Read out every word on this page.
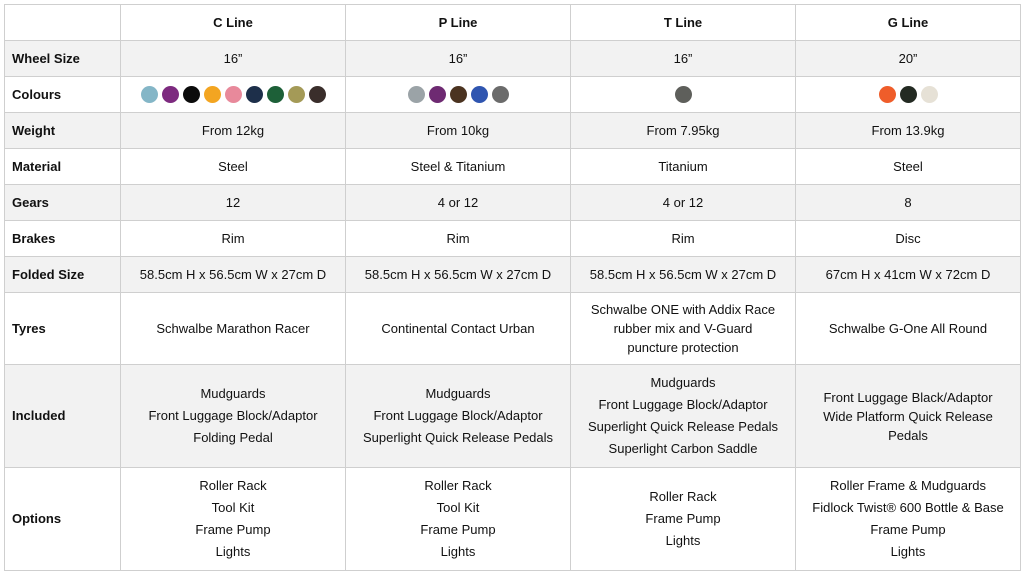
	C Line	P Line	T Line	G Line
Wheel Size	16”	16”	16”	20”
Colours	

Weight	From 12kg	From 10kg	From 7.95kg	From 13.9kg
Material	Steel	Steel & Titanium	Titanium	Steel
Gears	12	4 or 12	4 or 12	8
Brakes	Rim	Rim	Rim	Disc
Folded Size	58.5cm H x 56.5cm W x 27cm D	58.5cm H x 56.5cm W x 27cm D	58.5cm H x 56.5cm W x 27cm D	67cm H x 41cm W x 72cm D
Tyres	Schwalbe Marathon Racer	Continental Contact Urban	Schwalbe ONE with Addix Race
rubber mix and V-Guard
puncture protection	Schwalbe G-One All Round

Included	Mudguards
Front Luggage Block/Adaptor
Folding Pedal	Mudguards
Front Luggage Block/Adaptor
Superlight Quick Release Pedals	Mudguards
Front Luggage Block/Adaptor
Superlight Quick Release Pedals
Superlight Carbon Saddle	Front Luggage Black/Adaptor
Wide Platform Quick Release
Pedals

Options	Roller Rack
Tool Kit
Frame Pump
Lights	Roller Rack
Tool Kit
Frame Pump
Lights	Roller Rack
Frame Pump
Lights	Roller Frame & Mudguards
Fidlock Twist® 600 Bottle & Base
Frame Pump
Lights
